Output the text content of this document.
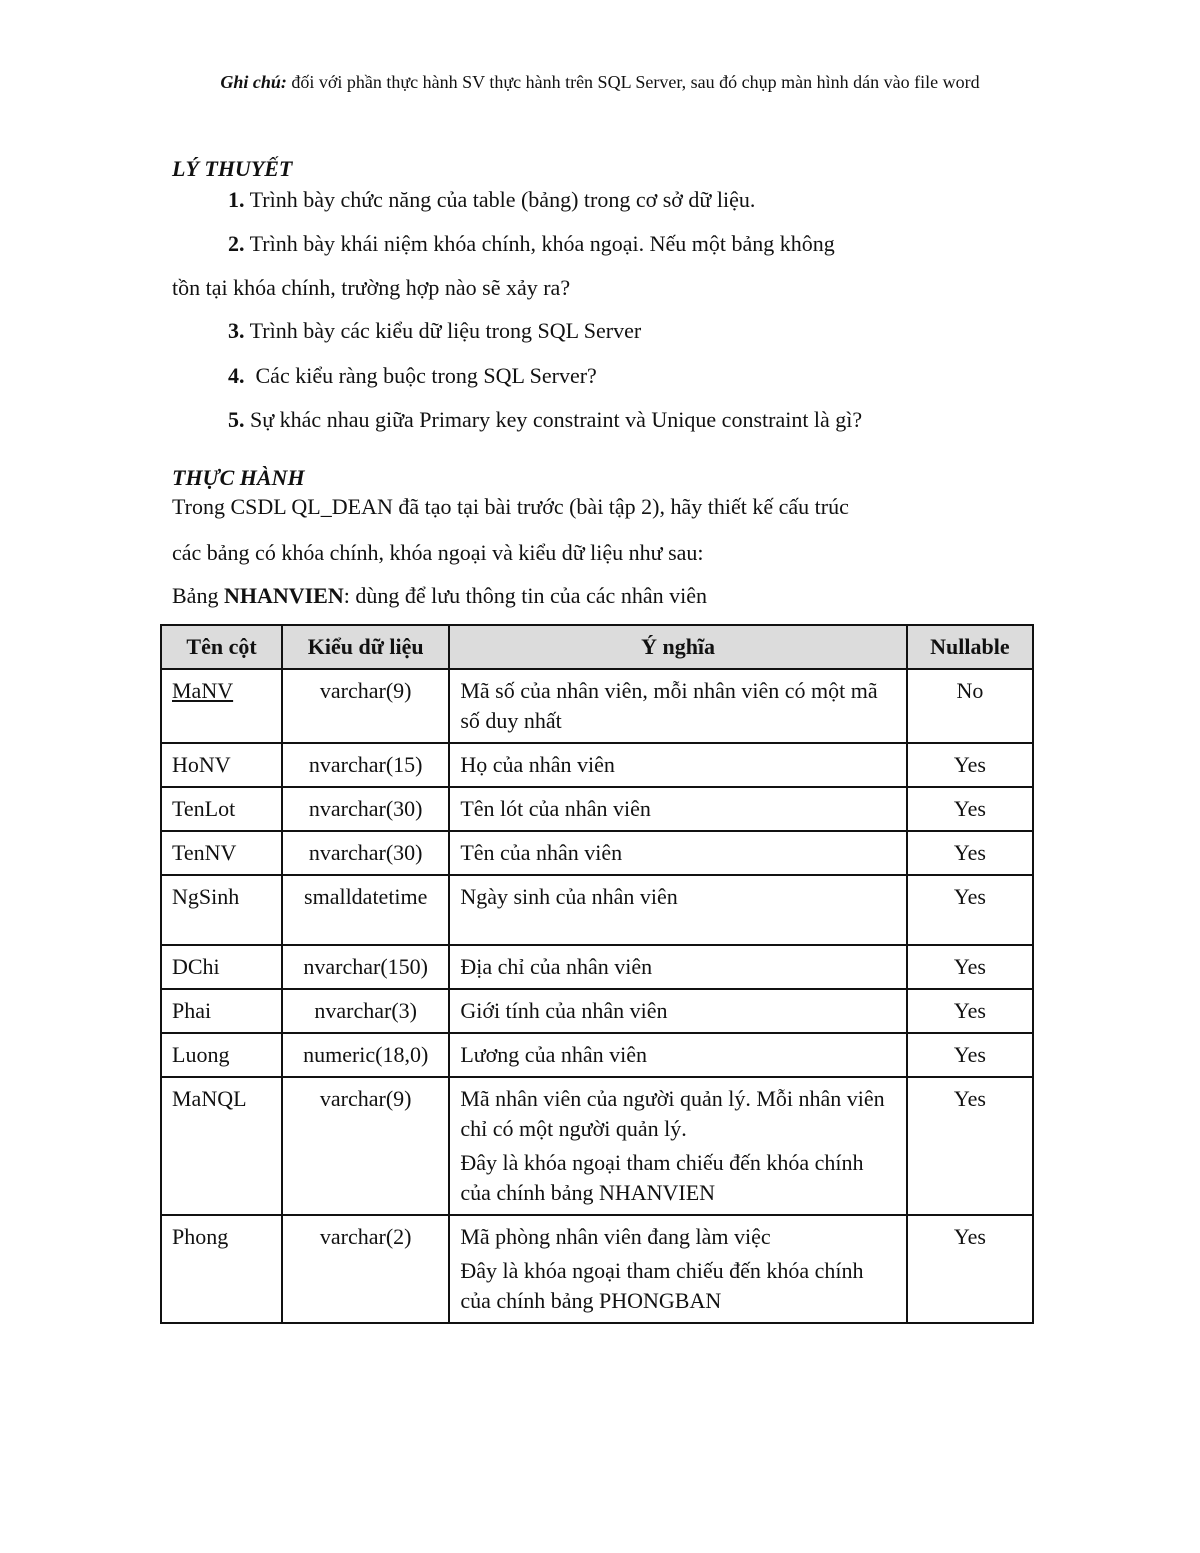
Ghi chú: đối với phần thực hành SV thực hành trên SQL Server, sau đó chụp màn hình dán vào file word
LÝ THUYẾT
1. Trình bày chức năng của table (bảng) trong cơ sở dữ liệu.
2. Trình bày khái niệm khóa chính, khóa ngoại. Nếu một bảng không
tồn tại khóa chính, trường hợp nào sẽ xảy ra?
3. Trình bày các kiểu dữ liệu trong SQL Server
4.  Các kiểu ràng buộc trong SQL Server?
5. Sự khác nhau giữa Primary key constraint và Unique constraint là gì?
THỰC HÀNH
Trong CSDL QL_DEAN đã tạo tại bài trước (bài tập 2), hãy thiết kế cấu trúc
các bảng có khóa chính, khóa ngoại và kiểu dữ liệu như sau:
Bảng NHANVIEN: dùng để lưu thông tin của các nhân viên
Tên cột	Kiểu dữ liệu	Ý nghĩa	Nullable
MaNV	varchar(9)	Mã số của nhân viên, mỗi nhân viên có một mã số duy nhất	No
HoNV	nvarchar(15)	Họ của nhân viên	Yes
TenLot	nvarchar(30)	Tên lót của nhân viên	Yes
TenNV	nvarchar(30)	Tên của nhân viên	Yes
NgSinh	smalldatetime	Ngày sinh của nhân viên	Yes
DChi	nvarchar(150)	Địa chỉ của nhân viên	Yes
Phai	nvarchar(3)	Giới tính của nhân viên	Yes
Luong	numeric(18,0)	Lương của nhân viên	Yes
MaNQL	varchar(9)	Mã nhân viên của người quản lý. Mỗi nhân viên chỉ có một người quản lý.
Đây là khóa ngoại tham chiếu đến khóa chính của chính bảng NHANVIEN	Yes
Phong	varchar(2)	Mã phòng nhân viên đang làm việc
Đây là khóa ngoại tham chiếu đến khóa chính của chính bảng PHONGBAN	Yes
